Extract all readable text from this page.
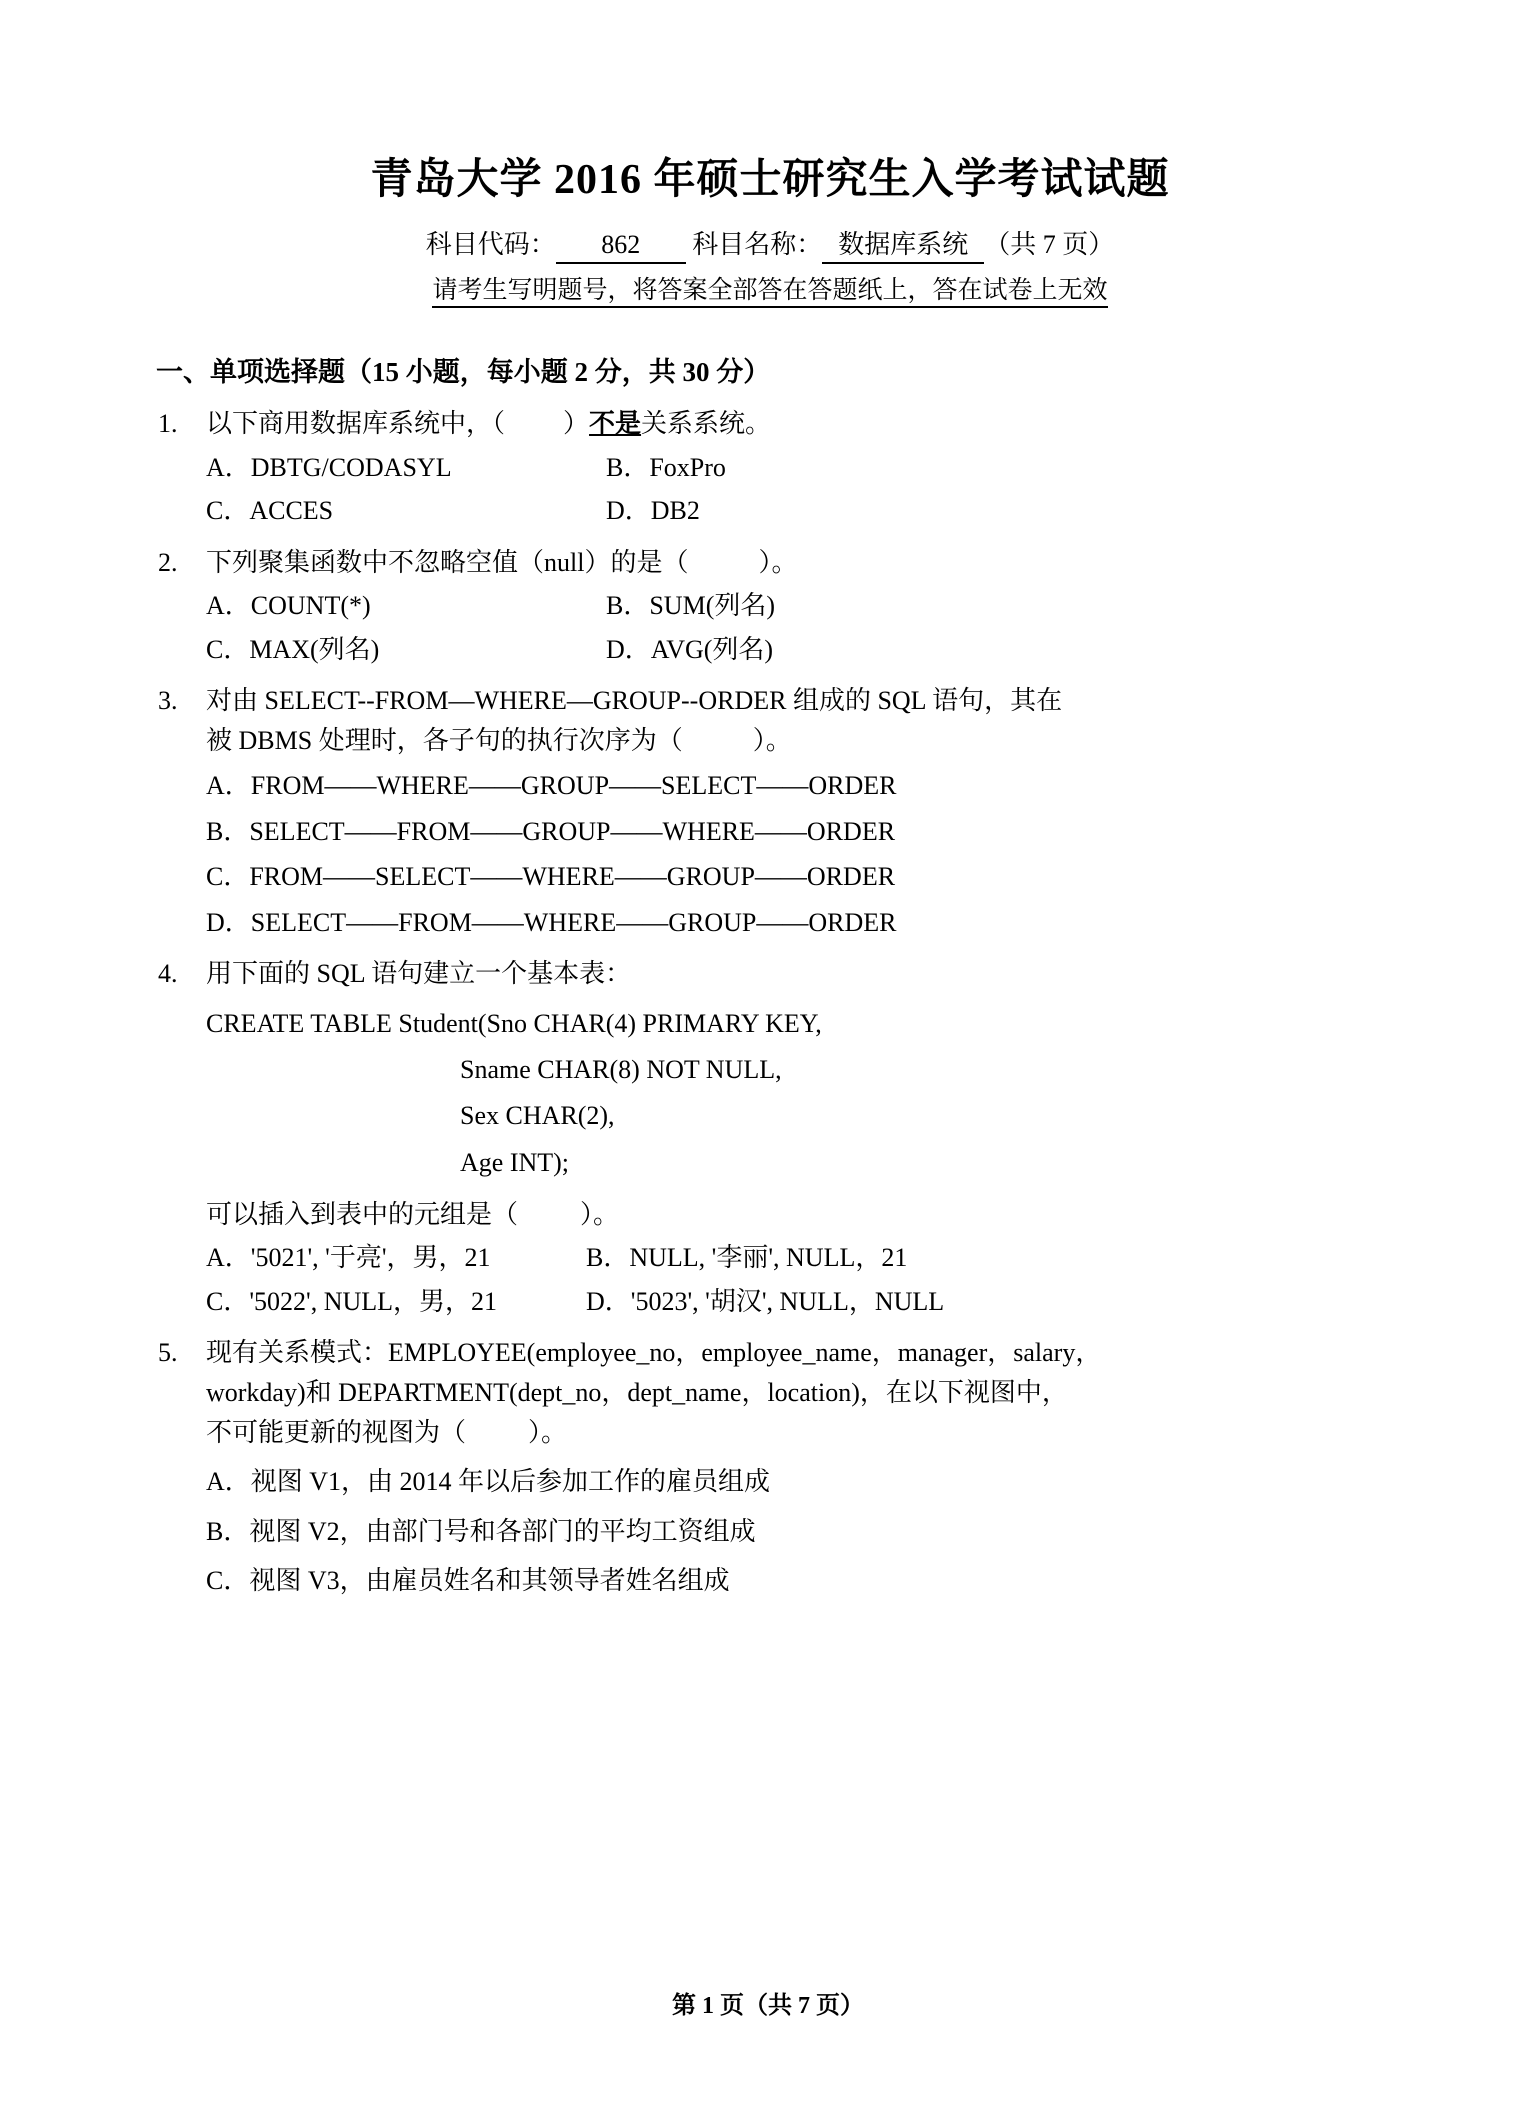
青岛大学 2016 年硕士研究生入学考试试题
科目代码： 862 科目名称： 数据库系统 （共 7 页）
请考生写明题号，将答案全部答在答题纸上，答在试卷上无效
一、单项选择题（15 小题，每小题 2 分，共 30 分）
1.	以下商用数据库系统中，（ ）不是关系系统。
A．DBTG/CODASYL	B．FoxPro
C．ACCES	D．DB2
2.	下列聚集函数中不忽略空值（null）的是（	）。
A．COUNT(*)	B．SUM(列名)
C．MAX(列名)	D．AVG(列名)
3.	对由 SELECT--FROM—WHERE—GROUP--ORDER 组成的 SQL 语句，其在
被 DBMS 处理时，各子句的执行次序为（	）。
A．FROM——WHERE——GROUP——SELECT——ORDER
B．SELECT——FROM——GROUP——WHERE——ORDER
C．FROM——SELECT——WHERE——GROUP——ORDER
D．SELECT——FROM——WHERE——GROUP——ORDER
4.	用下面的 SQL 语句建立一个基本表：
CREATE TABLE Student(Sno CHAR(4) PRIMARY KEY,
Sname CHAR(8) NOT NULL,
Sex CHAR(2),
Age INT);
可以插入到表中的元组是（ ）。
A．'5021', '于亮'，男，21	B．NULL, '李丽', NULL，21
C．'5022', NULL，男，21	D．'5023', '胡汉', NULL，NULL
5.	现有关系模式：EMPLOYEE(employee_no，employee_name，manager，salary，
workday)和 DEPARTMENT(dept_no，dept_name，location)，在以下视图中，
不可能更新的视图为（ ）。
A．视图 V1，由 2014 年以后参加工作的雇员组成
B．视图 V2，由部门号和各部门的平均工资组成
C．视图 V3，由雇员姓名和其领导者姓名组成
第 1 页（共 7 页）
